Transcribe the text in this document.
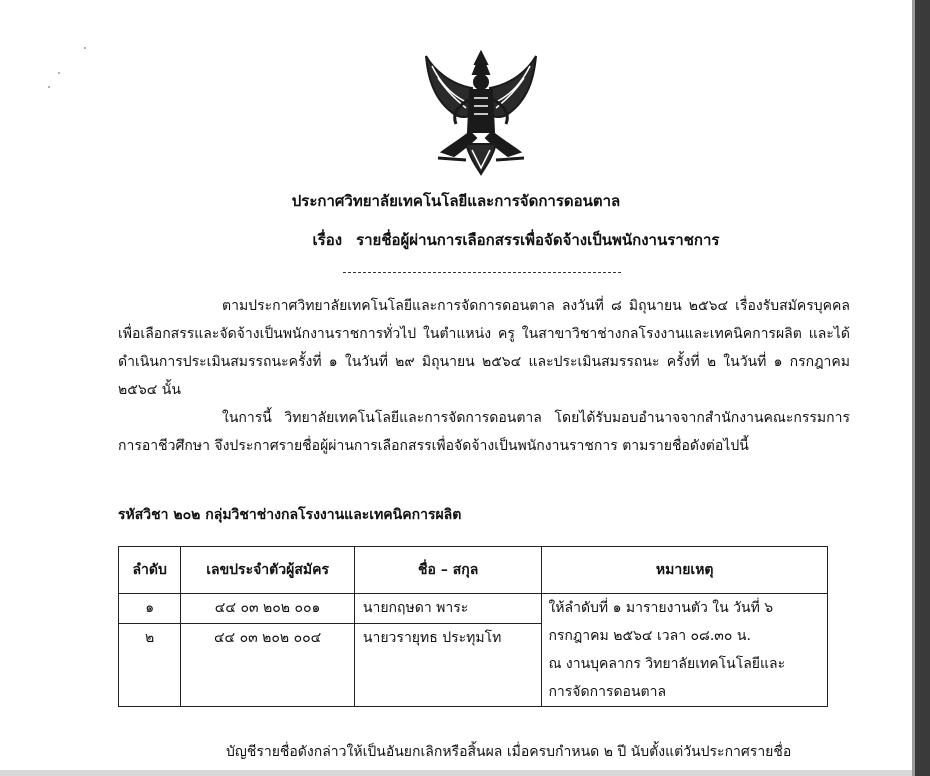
ประกาศวิทยาลัยเทคโนโลยีและการจัดการดอนตาล
เรื่อง รายชื่อผู้ผ่านการเลือกสรรเพื่อจัดจ้างเป็นพนักงานราชการ
ตามประกาศวิทยาลัยเทคโนโลยีและการจัดการดอนตาล ลงวันที่ ๘ มิถุนายน ๒๕๖๔ เรื่องรับสมัครบุคคลเพื่อเลือกสรรและจัดจ้างเป็นพนักงานราชการทั่วไป ในตำแหน่ง ครู ในสาขาวิชาช่างกลโรงงานและเทคนิคการผลิต และได้ดำเนินการประเมินสมรรถนะครั้งที่ ๑ ในวันที่ ๒๙ มิถุนายน ๒๕๖๔ และประเมินสมรรถนะ ครั้งที่ ๒ ในวันที่ ๑ กรกฎาคม ๒๕๖๔ นั้น
ในการนี้ วิทยาลัยเทคโนโลยีและการจัดการดอนตาล โดยได้รับมอบอำนาจจากสำนักงานคณะกรรมการการอาชีวศึกษา จึงประกาศรายชื่อผู้ผ่านการเลือกสรรเพื่อจัดจ้างเป็นพนักงานราชการ ตามรายชื่อดังต่อไปนี้
รหัสวิชา ๒๐๒ กลุ่มวิชาช่างกลโรงงานและเทคนิคการผลิต
ลำดับ	เลขประจำตัวผู้สมัคร	ชื่อ – สกุล	หมายเหตุ
๑	๔๔ ๐๓ ๒๐๒ ๐๐๑	นายกฤษดา พาระ	ให้ลำดับที่ ๑ มารายงานตัว ใน วันที่ ๖
กรกฎาคม ๒๕๖๔ เวลา ๐๘.๓๐ น.
ณ งานบุคลากร วิทยาลัยเทคโนโลยีและ
การจัดการดอนตาล

๒	๔๔ ๐๓ ๒๐๒ ๐๐๔	นายวรายุทธ ประทุมโท	
บัญชีรายชื่อดังกล่าวให้เป็นอันยกเลิกหรือสิ้นผล เมื่อครบกำหนด ๒ ปี นับตั้งแต่วันประกาศรายชื่อ
